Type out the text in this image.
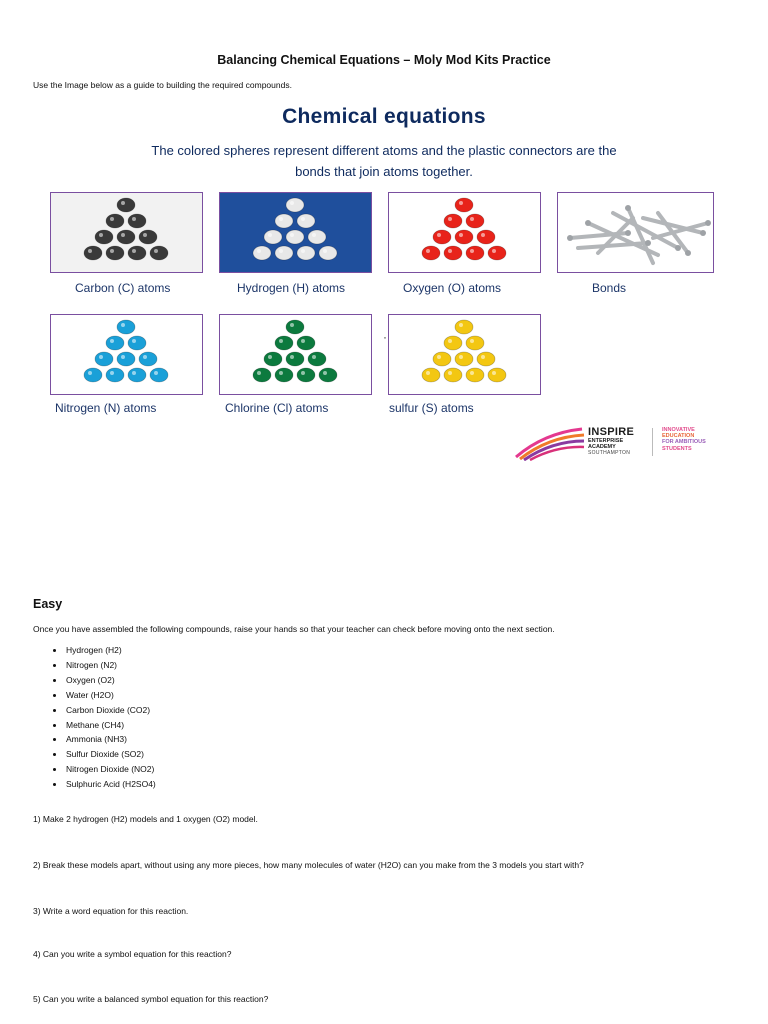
Balancing Chemical Equations – Moly Mod Kits Practice
Use the Image below as a guide to building the required compounds.
Chemical equations
The colored spheres represent different atoms and the plastic connectors are the
bonds that join atoms together.
Carbon (C) atoms	Hydrogen (H) atoms	Oxygen (O) atoms	Bonds
Nitrogen (N) atoms	Chlorine (Cl) atoms	sulfur (S) atoms
·
INSPIRE
ENTERPRISE
ACADEMY
SOUTHAMPTON
INNOVATIVE
EDUCATION
FOR AMBITIOUS
STUDENTS
Easy
Once you have assembled the following compounds, raise your hands so that your teacher can check before moving onto the next section.
• Hydrogen (H2)
• Nitrogen (N2)
• Oxygen (O2)
• Water (H2O)
• Carbon Dioxide (CO2)
• Methane (CH4)
• Ammonia (NH3)
• Sulfur Dioxide (SO2)
• Nitrogen Dioxide (NO2)
• Sulphuric Acid (H2SO4)
1) Make 2 hydrogen (H2) models and 1 oxygen (O2) model.
2) Break these models apart, without using any more pieces, how many molecules of water (H2O) can you make from the 3 models you start with?
3) Write a word equation for this reaction.
4) Can you write a symbol equation for this reaction?
5) Can you write a balanced symbol equation for this reaction?
